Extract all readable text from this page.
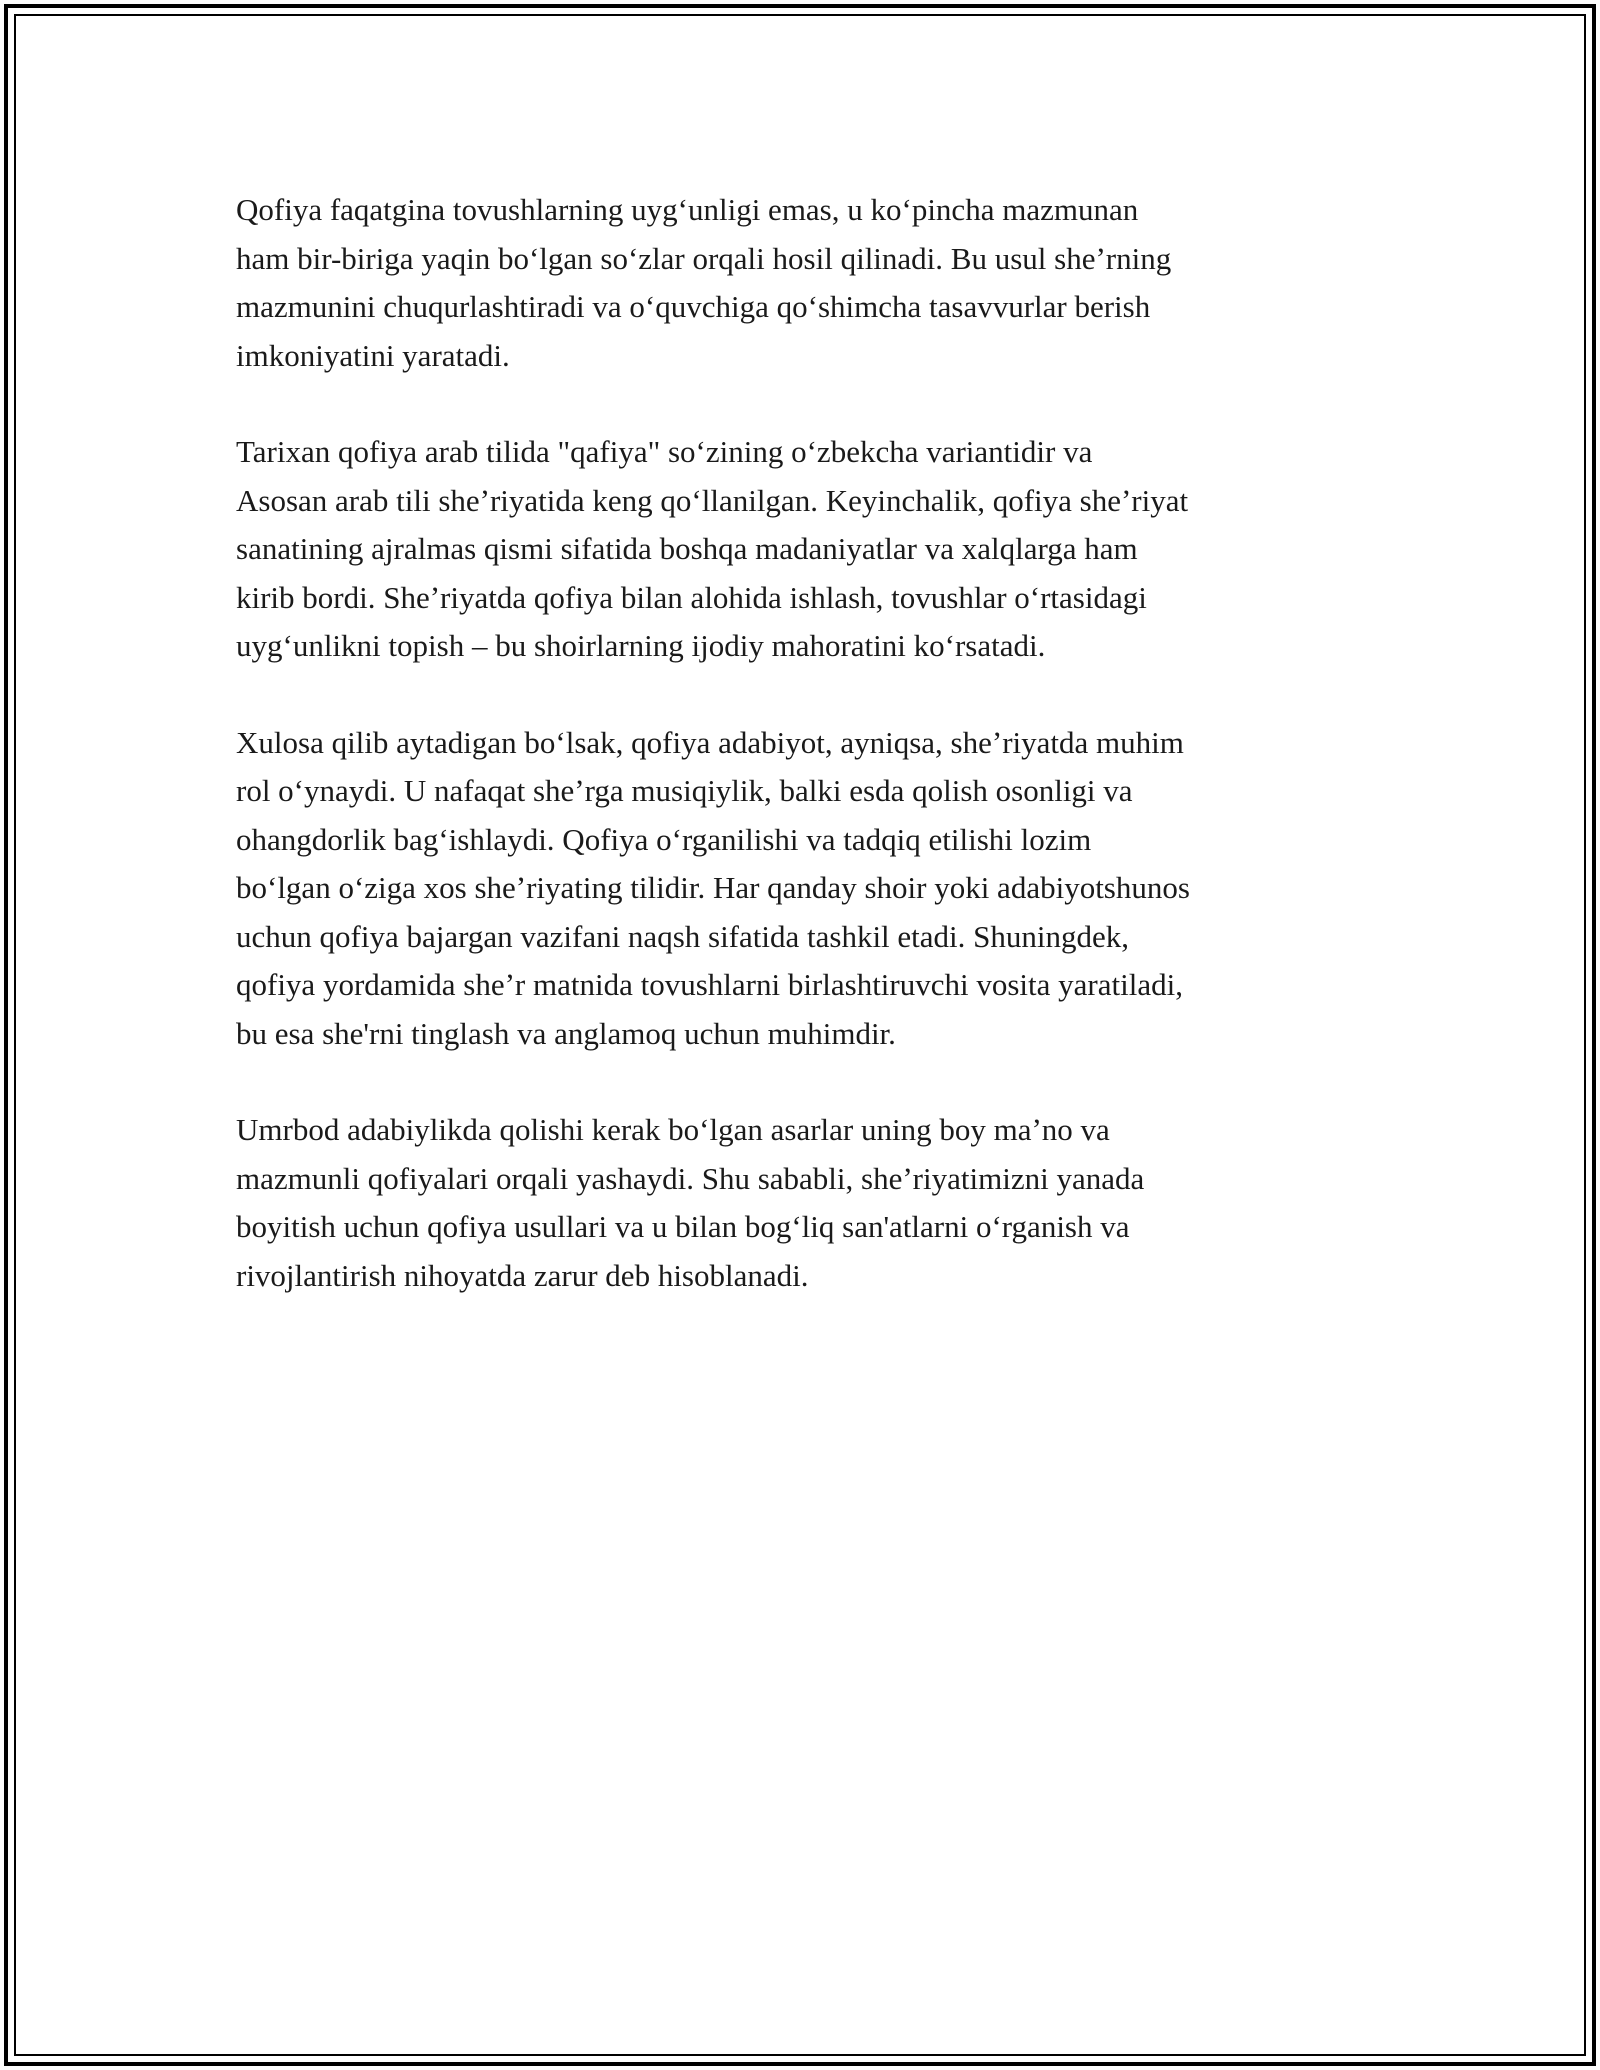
Qofiya faqatgina tovushlarning uygʻunligi emas, u koʻpincha mazmunan
ham bir-biriga yaqin boʻlgan soʻzlar orqali hosil qilinadi. Bu usul sheʼrning
mazmunini chuqurlashtiradi va oʻquvchiga qoʻshimcha tasavvurlar berish
imkoniyatini yaratadi.

Tarixan qofiya arab tilida "qafiya" soʻzining oʻzbekcha variantidir va
Asosan arab tili sheʼriyatida keng qoʻllanilgan. Keyinchalik, qofiya sheʼriyat
sanatining ajralmas qismi sifatida boshqa madaniyatlar va xalqlarga ham
kirib bordi. Sheʼriyatda qofiya bilan alohida ishlash, tovushlar oʻrtasidagi
uygʻunlikni topish – bu shoirlarning ijodiy mahoratini koʻrsatadi.

Xulosa qilib aytadigan boʻlsak, qofiya adabiyot, ayniqsa, sheʼriyatda muhim
rol oʻynaydi. U nafaqat sheʼrga musiqiylik, balki esda qolish osonligi va
ohangdorlik bagʻishlaydi. Qofiya oʻrganilishi va tadqiq etilishi lozim
boʻlgan oʻziga xos sheʼriyating tilidir. Har qanday shoir yoki adabiyotshunos
uchun qofiya bajargan vazifani naqsh sifatida tashkil etadi. Shuningdek,
qofiya yordamida sheʼr matnida tovushlarni birlashtiruvchi vosita yaratiladi,
bu esa she'rni tinglash va anglamoq uchun muhimdir.

Umrbod adabiylikda qolishi kerak boʻlgan asarlar uning boy maʼno va
mazmunli qofiyalari orqali yashaydi. Shu sababli, sheʼriyatimizni yanada
boyitish uchun qofiya usullari va u bilan bogʻliq san'atlarni oʻrganish va
rivojlantirish nihoyatda zarur deb hisoblanadi.
